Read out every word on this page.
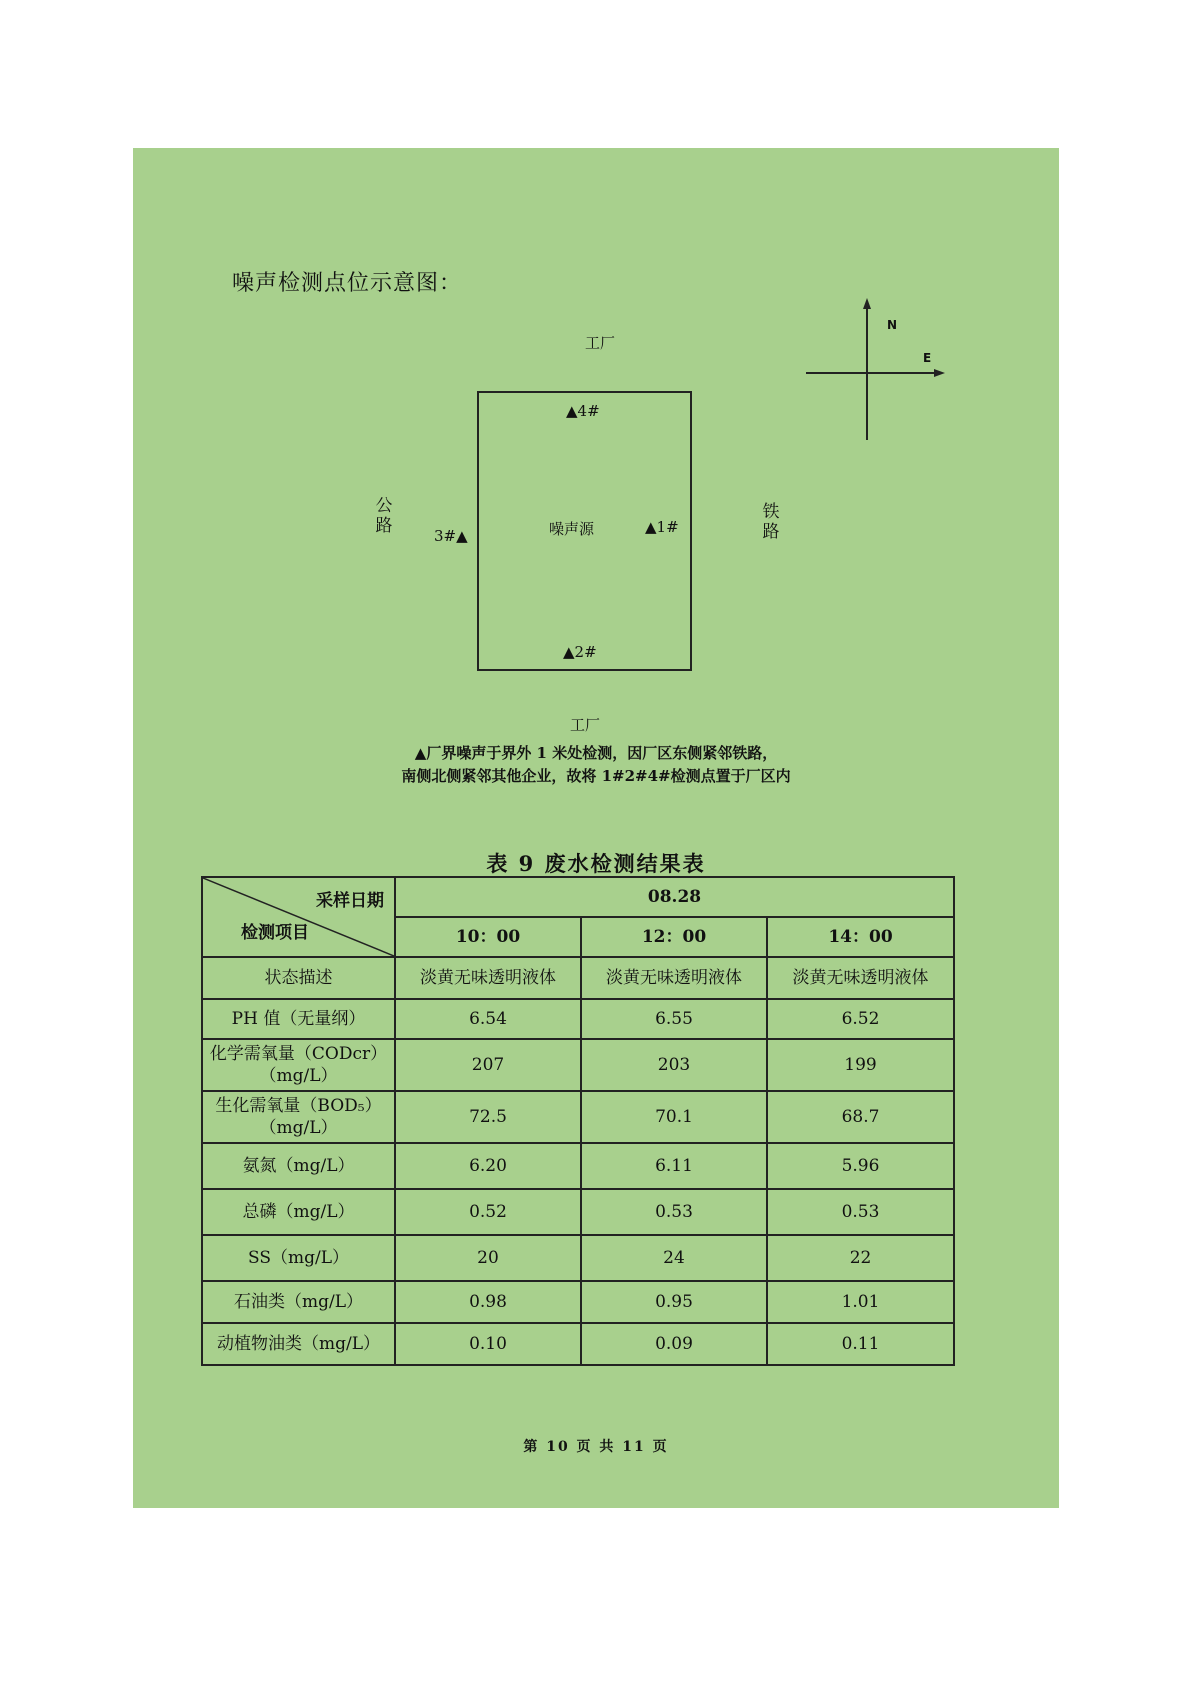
噪声检测点位示意图：
工厂
工厂
公路
铁路
N
E
噪声源
▲4#
3#▲	▲1#
▲2#
▲厂界噪声于界外 1 米处检测，因厂区东侧紧邻铁路，
南侧北侧紧邻其他企业，故将 1#2#4#检测点置于厂区内
表 9 废水检测结果表
采样日期
检测项目	08.28		
	10：00	12：00	14：00
状态描述	淡黄无味透明液体	淡黄无味透明液体	淡黄无味透明液体
PH 值（无量纲）	6.54	6.55	6.52
化学需氧量（CODcr）（mg/L）	207	203	199
生化需氧量（BOD₅）（mg/L）	72.5	70.1	68.7
氨氮（mg/L）	6.20	6.11	5.96
总磷（mg/L）	0.52	0.53	0.53
SS（mg/L）	20	24	22
石油类（mg/L）	0.98	0.95	1.01
动植物油类（mg/L）	0.10	0.09	0.11
第 10 页 共 11 页
